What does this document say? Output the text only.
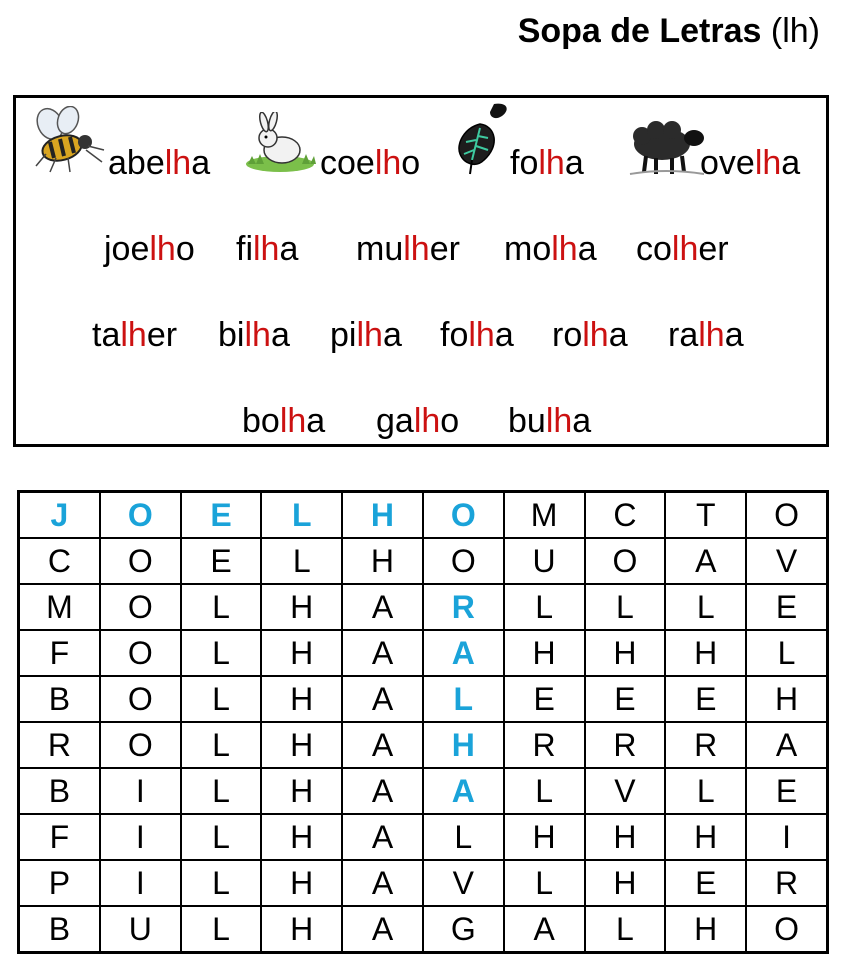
Sopa de Letras (lh)
abelha	coelho	folha	ovelha
joelho filha mulher molha colher
talher bilha pilha folha rolha ralha
bolha galho bulha
J	O	E	L	H	O	M	C	T	O
C	O	E	L	H	O	U	O	A	V
M	O	L	H	A	R	L	L	L	E
F	O	L	H	A	A	H	H	H	L
B	O	L	H	A	L	E	E	E	H
R	O	L	H	A	H	R	R	R	A
B	I	L	H	A	A	L	V	L	E
F	I	L	H	A	L	H	H	H	I
P	I	L	H	A	V	L	H	E	R
B	U	L	H	A	G	A	L	H	O
